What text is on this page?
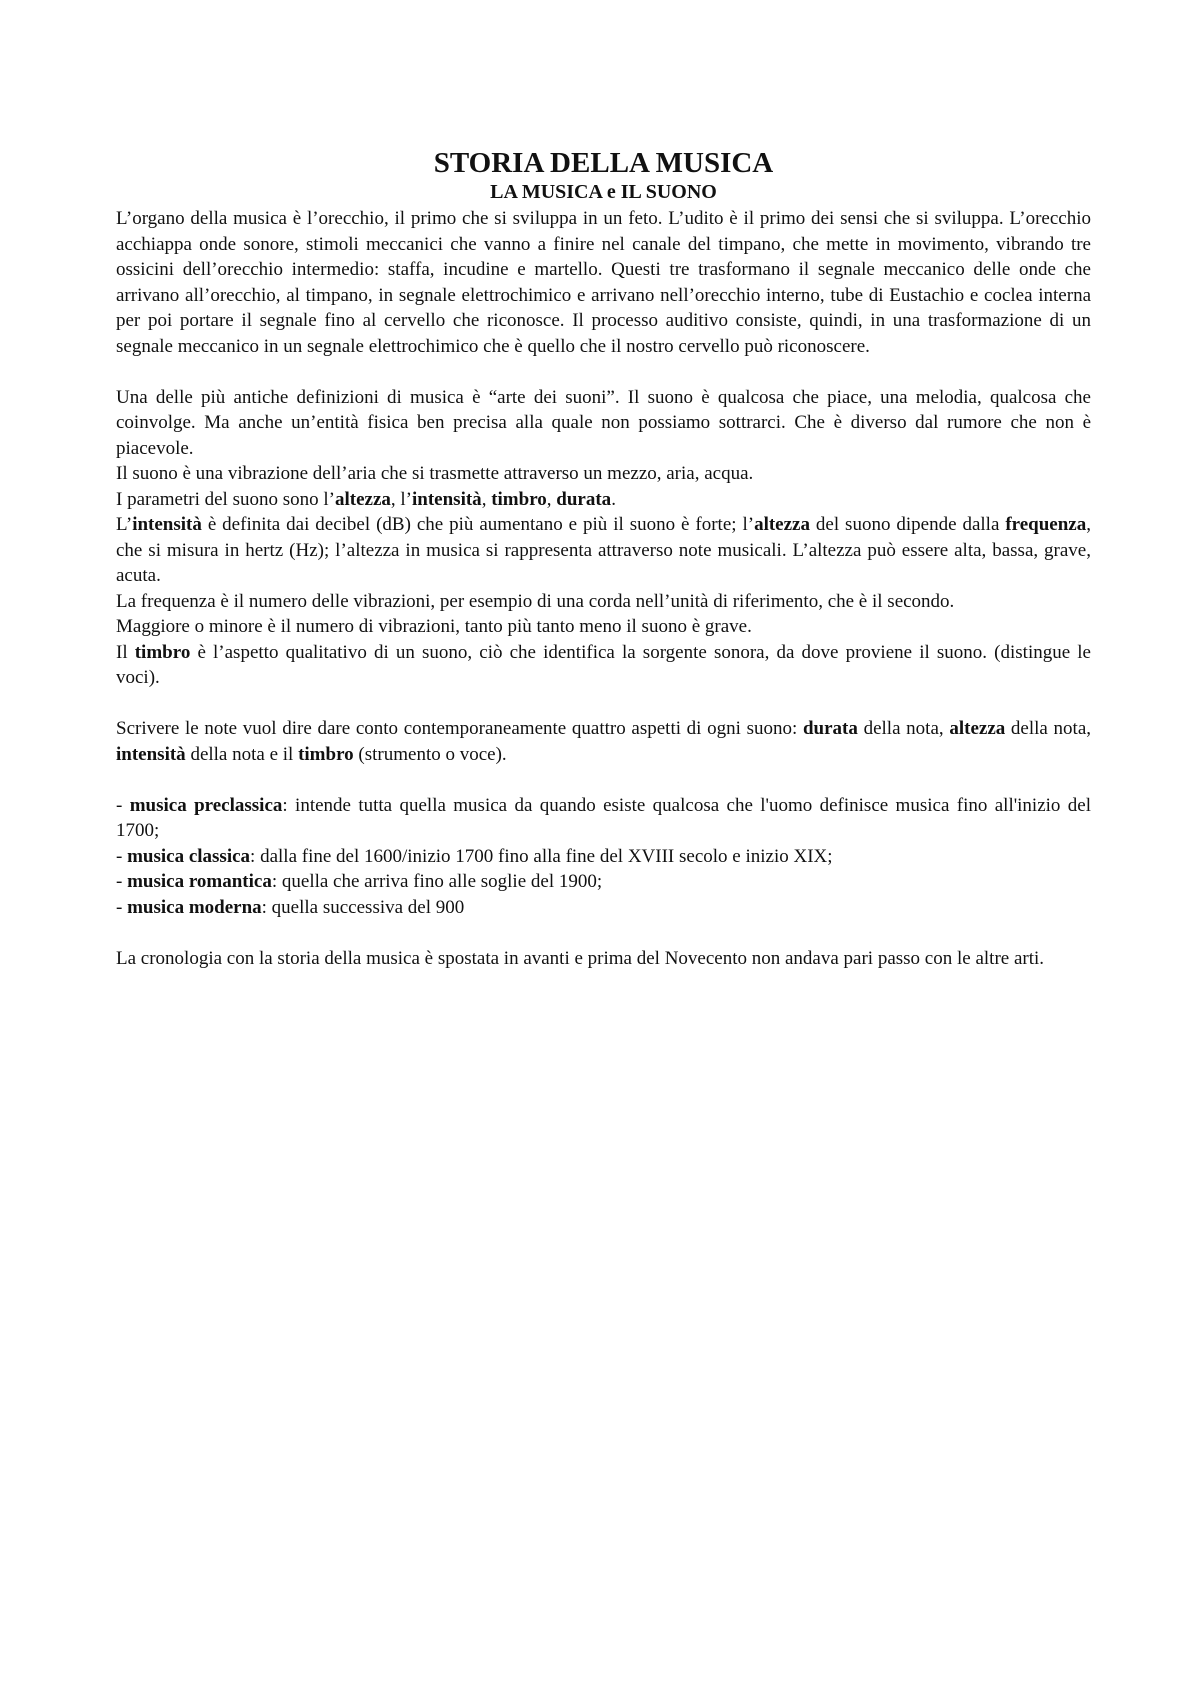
STORIA DELLA MUSICA
LA MUSICA e IL SUONO

L’organo della musica è l’orecchio, il primo che si sviluppa in un feto. L’udito è il primo dei sensi che si sviluppa. L’orecchio acchiappa onde sonore, stimoli meccanici che vanno a finire nel canale del timpano, che mette in movimento, vibrando tre ossicini dell’orecchio intermedio: staffa, incudine e martello. Questi tre trasformano il segnale meccanico delle onde che arrivano all’orecchio, al timpano, in segnale elettrochimico e arrivano nell’orecchio interno, tube di Eustachio e coclea interna per poi portare il segnale fino al cervello che riconosce. Il processo auditivo consiste, quindi, in una trasformazione di un segnale meccanico in un segnale elettrochimico che è quello che il nostro cervello può riconoscere.

Una delle più antiche definizioni di musica è “arte dei suoni”. Il suono è qualcosa che piace, una melodia, qualcosa che coinvolge. Ma anche un’entità fisica ben precisa alla quale non possiamo sottrarci. Che è diverso dal rumore che non è piacevole.

Il suono è una vibrazione dell’aria che si trasmette attraverso un mezzo, aria, acqua.

I parametri del suono sono l’altezza, l’intensità, timbro, durata.

L’intensità è definita dai decibel (dB) che più aumentano e più il suono è forte; l’altezza del suono dipende dalla frequenza, che si misura in hertz (Hz); l’altezza in musica si rappresenta attraverso note musicali. L’altezza può essere alta, bassa, grave, acuta.

La frequenza è il numero delle vibrazioni, per esempio di una corda nell’unità di riferimento, che è il secondo.

Maggiore o minore è il numero di vibrazioni, tanto più tanto meno il suono è grave.

Il timbro è l’aspetto qualitativo di un suono, ciò che identifica la sorgente sonora, da dove proviene il suono. (distingue le voci).

Scrivere le note vuol dire dare conto contemporaneamente quattro aspetti di ogni suono: durata della nota, altezza della nota, intensità della nota e il timbro (strumento o voce).

- musica preclassica: intende tutta quella musica da quando esiste qualcosa che l'uomo definisce musica fino all'inizio del 1700;

- musica classica: dalla fine del 1600/inizio 1700 fino alla fine del XVIII secolo e inizio XIX;

- musica romantica: quella che arriva fino alle soglie del 1900;

- musica moderna: quella successiva del 900

La cronologia con la storia della musica è spostata in avanti e prima del Novecento non andava pari passo con le altre arti.
